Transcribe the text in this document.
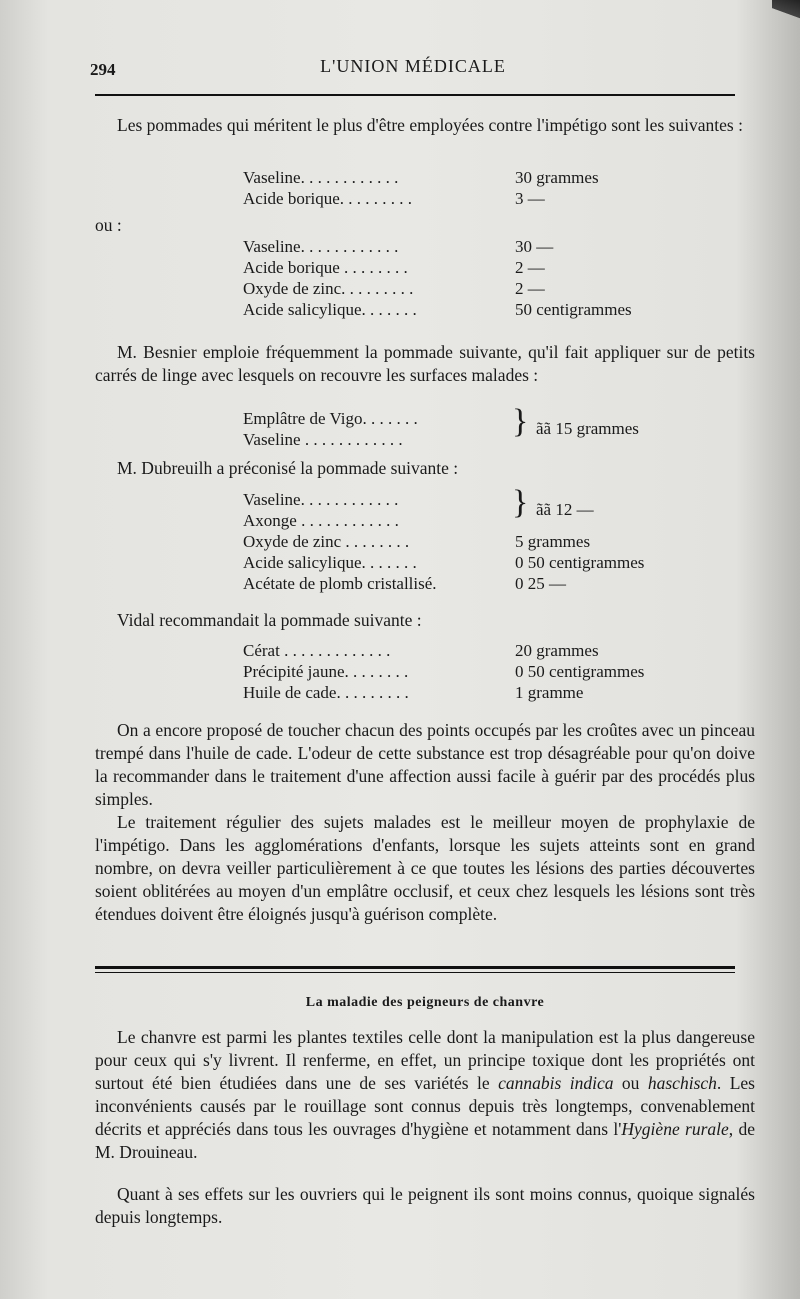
294	L'UNION MÉDICALE

Les pommades qui méritent le plus d'être employées contre l'impétigo sont les suivantes :

Vaseline. . . . . . . . . . . .	30 grammes
Acide borique. . . . . . . . .	3 —
ou :
Vaseline. . . . . . . . . . . .	30 —
Acide borique . . . . . . . .	2 —
Oxyde de zinc. . . . . . . . .	2 —
Acide salicylique. . . . . . .	50 centigrammes

M. Besnier emploie fréquemment la pommade suivante, qu'il fait appliquer sur de petits carrés de linge avec lesquels on recouvre les surfaces malades :

Emplâtre de Vigo. . . . . . .
Vaseline . . . . . . . . . . . .	} ãã 15 grammes

M. Dubreuilh a préconisé la pommade suivante :

Vaseline. . . . . . . . . . . .
Axonge . . . . . . . . . . . .	} ãã 12 —
Oxyde de zinc . . . . . . . .	5 grammes
Acide salicylique. . . . . . .	0 50 centigrammes
Acétate de plomb cristallisé.	0 25 —

Vidal recommandait la pommade suivante :

Cérat . . . . . . . . . . . . .	20 grammes
Précipité jaune. . . . . . . .	0 50 centigrammes
Huile de cade. . . . . . . . .	1 gramme

On a encore proposé de toucher chacun des points occupés par les croûtes avec un pinceau trempé dans l'huile de cade. L'odeur de cette substance est trop désagréable pour qu'on doive la recommander dans le traitement d'une affection aussi facile à guérir par des procédés plus simples.

Le traitement régulier des sujets malades est le meilleur moyen de prophylaxie de l'impétigo. Dans les agglomérations d'enfants, lorsque les sujets atteints sont en grand nombre, on devra veiller particulièrement à ce que toutes les lésions des parties découvertes soient oblitérées au moyen d'un emplâtre occlusif, et ceux chez lesquels les lésions sont très étendues doivent être éloignés jusqu'à guérison complète.

La maladie des peigneurs de chanvre

Le chanvre est parmi les plantes textiles celle dont la manipulation est la plus dangereuse pour ceux qui s'y livrent. Il renferme, en effet, un principe toxique dont les propriétés ont surtout été bien étudiées dans une de ses variétés le cannabis indica ou haschisch. Les inconvénients causés par le rouillage sont connus depuis très longtemps, convenablement décrits et appréciés dans tous les ouvrages d'hygiène et notamment dans l'Hygiène rurale, de M. Drouineau.

Quant à ses effets sur les ouvriers qui le peignent ils sont moins connus, quoique signalés depuis longtemps.
